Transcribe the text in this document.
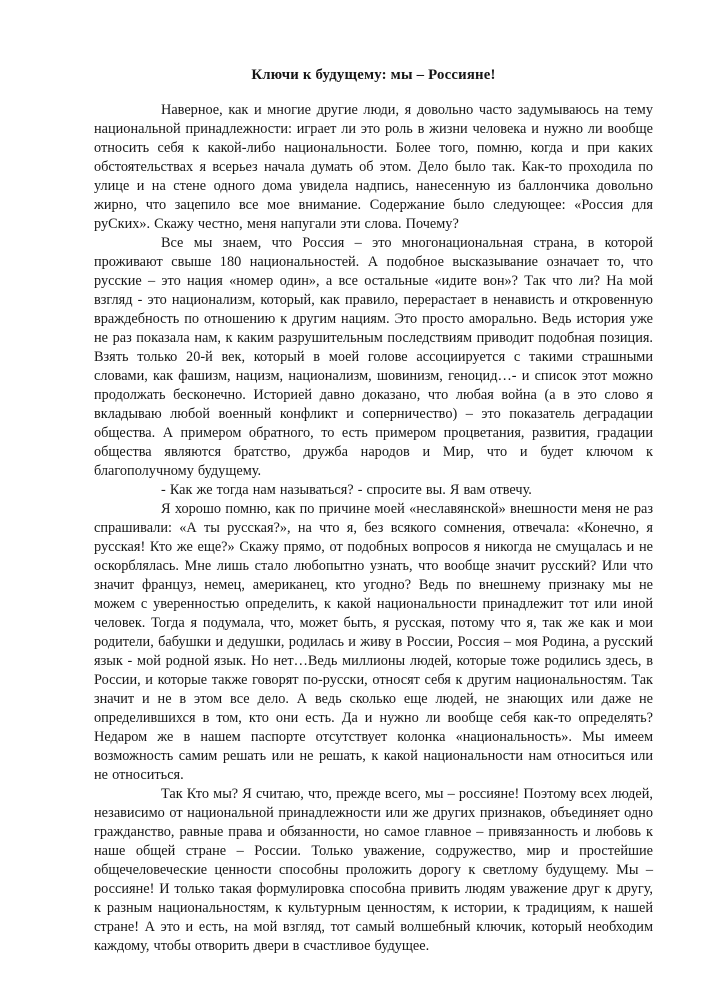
Ключи к будущему: мы – Россияне!

Наверное, как и многие другие люди, я довольно часто задумываюсь на тему национальной принадлежности: играет ли это роль в жизни человека и нужно ли вообще относить себя к какой-либо национальности. Более того, помню, когда и при каких обстоятельствах я всерьез начала думать об этом. Дело было так. Как-то проходила по улице и на стене одного дома увидела надпись, нанесенную из баллончика довольно жирно, что зацепило все мое внимание. Содержание было следующее: «Россия для руСких». Скажу честно, меня напугали эти слова. Почему?

Все мы знаем, что Россия – это многонациональная страна, в которой проживают свыше 180 национальностей. А подобное высказывание означает то, что русские – это нация «номер один», а все остальные «идите вон»? Так что ли? На мой взгляд - это национализм, который, как правило, перерастает в ненависть и откровенную враждебность по отношению к другим нациям. Это просто аморально. Ведь история уже не раз показала нам, к каким разрушительным последствиям приводит подобная позиция. Взять только 20-й век, который в моей голове ассоциируется с такими страшными словами, как фашизм, нацизм, национализм, шовинизм, геноцид…- и список этот можно продолжать бесконечно. Историей давно доказано, что любая война (а в это слово я вкладываю любой военный конфликт и соперничество) – это показатель деградации общества. А примером обратного, то есть примером процветания, развития, градации общества являются братство, дружба народов и Мир, что и будет ключом к благополучному будущему.

- Как же тогда нам называться? - спросите вы. Я вам отвечу.

Я хорошо помню, как по причине моей «неславянской» внешности меня не раз спрашивали: «А ты русская?», на что я, без всякого сомнения, отвечала: «Конечно, я русская! Кто же еще?» Скажу прямо, от подобных вопросов я никогда не смущалась и не оскорблялась. Мне лишь стало любопытно узнать, что вообще значит русский? Или что значит француз, немец, американец, кто угодно? Ведь по внешнему признаку мы не можем с уверенностью определить, к какой национальности принадлежит тот или иной человек. Тогда я подумала, что, может быть, я русская, потому что я, так же как и мои родители, бабушки и дедушки, родилась и живу в России, Россия – моя Родина, а русский язык - мой родной язык. Но нет…Ведь миллионы людей, которые тоже родились здесь, в России, и которые также говорят по-русски, относят себя к другим национальностям. Так значит и не в этом все дело. А ведь сколько еще людей, не знающих или даже не определившихся в том, кто они есть. Да и нужно ли вообще себя как-то определять? Недаром же в нашем паспорте отсутствует колонка «национальность». Мы имеем возможность самим решать или не решать, к какой национальности нам относиться или не относиться.

Так Кто мы? Я считаю, что, прежде всего, мы – россияне! Поэтому всех людей, независимо от национальной принадлежности или же других признаков, объединяет одно гражданство, равные права и обязанности, но самое главное – привязанность и любовь к наше общей стране – России. Только уважение, содружество, мир и простейшие общечеловеческие ценности способны проложить дорогу к светлому будущему. Мы – россияне! И только такая формулировка способна привить людям уважение друг к другу, к разным национальностям, к культурным ценностям, к истории, к традициям, к нашей стране! А это и есть, на мой взгляд, тот самый волшебный ключик, который необходим каждому, чтобы отворить двери в счастливое будущее.
